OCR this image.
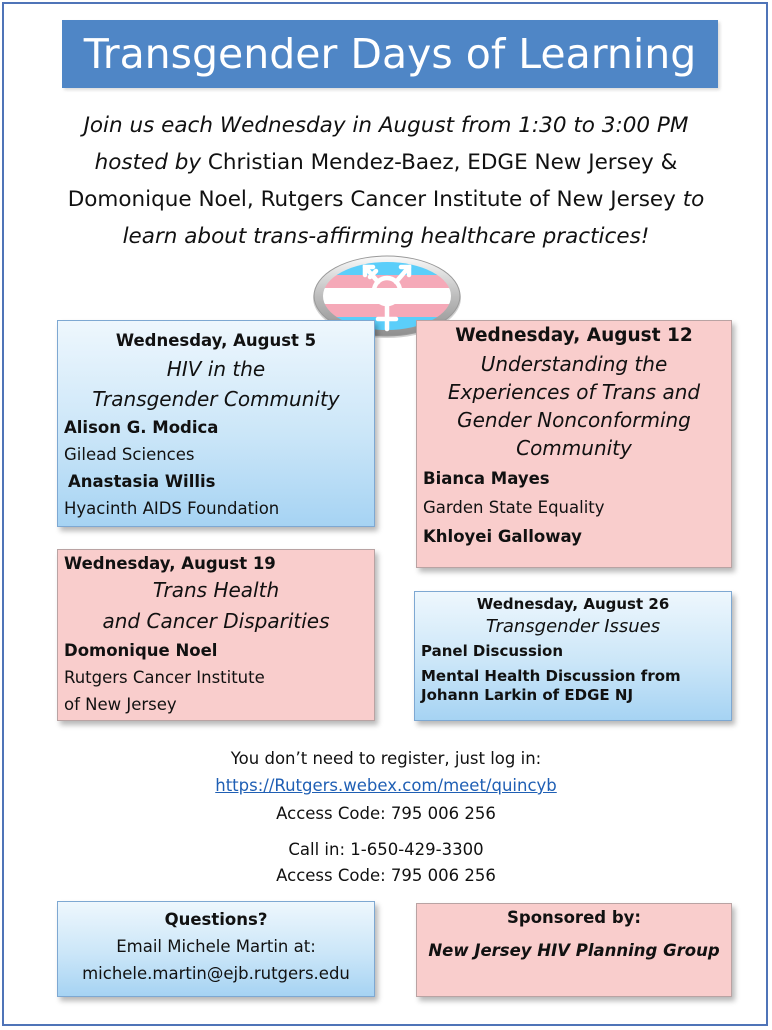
Transgender Days of Learning
Join us each Wednesday in August from 1:30 to 3:00 PM
hosted by Christian Mendez-Baez, EDGE New Jersey &
Domonique Noel, Rutgers Cancer Institute of New Jersey to
learn about trans-affirming healthcare practices!
Wednesday, August 5
HIV in the
Transgender Community
Alison G. Modica
Gilead Sciences
Anastasia Willis
Hyacinth AIDS Foundation
Wednesday, August 12
Understanding the
Experiences of Trans and
Gender Nonconforming
Community
Bianca Mayes
Garden State Equality
Khloyei Galloway
Wednesday, August 19
Trans Health
and Cancer Disparities
Domonique Noel
Rutgers Cancer Institute
of New Jersey
Wednesday, August 26
Transgender Issues
Panel Discussion
Mental Health Discussion from
Johann Larkin of EDGE NJ
You don’t need to register, just log in:
https://Rutgers.webex.com/meet/quincyb
Access Code: 795 006 256
Call in: 1-650-429-3300
Access Code: 795 006 256
Questions?
Email Michele Martin at:
michele.martin@ejb.rutgers.edu
Sponsored by:
New Jersey HIV Planning Group
